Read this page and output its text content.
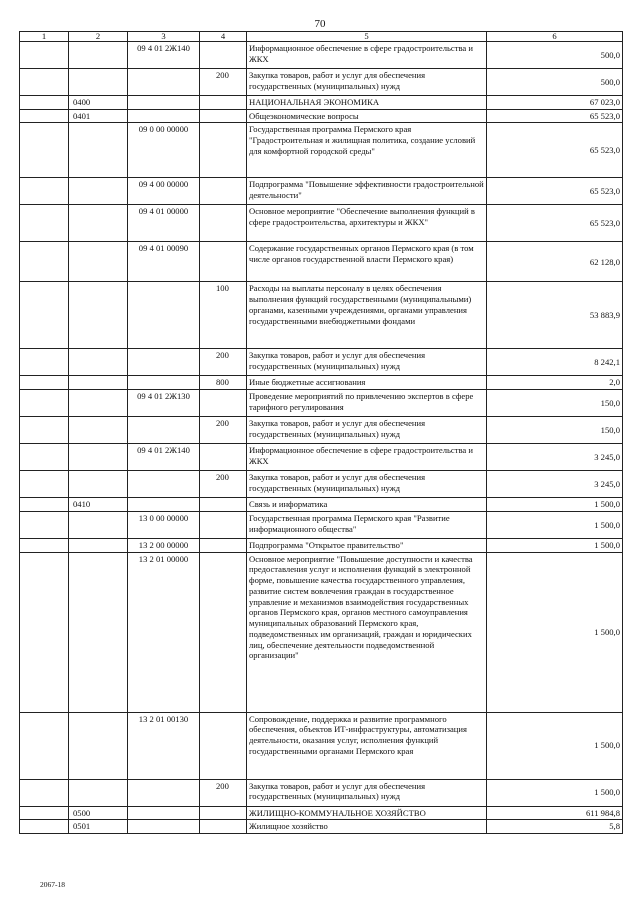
70
1	2	3	4	5	6
		09 4 01 2Ж140		Информационное обеспечение в сфере градостроительства и ЖКХ	500,0
			200	Закупка товаров, работ и услуг для обеспечения государственных (муниципальных) нужд	500,0
	0400			НАЦИОНАЛЬНАЯ ЭКОНОМИКА	67 023,0
	0401			Общеэкономические вопросы	65 523,0
		09 0 00 00000		Государственная программа Пермского края "Градостроительная и жилищная политика, создание условий для комфортной городской среды"	65 523,0
		09 4 00 00000		Подпрограмма "Повышение эффективности градостроительной деятельности"	65 523,0
		09 4 01 00000		Основное мероприятие "Обеспечение выполнения функций в сфере градостроительства, архитектуры и ЖКХ"	65 523,0
		09 4 01 00090		Содержание государственных органов Пермского края (в том числе органов государственной власти Пермского края)	62 128,0
			100	Расходы на выплаты персоналу в целях обеспечения выполнения функций государственными (муниципальными) органами, казенными учреждениями, органами управления государственными внебюджетными фондами	53 883,9
			200	Закупка товаров, работ и услуг для обеспечения государственных (муниципальных) нужд	8 242,1
			800	Иные бюджетные ассигнования	2,0
		09 4 01 2Ж130		Проведение мероприятий по привлечению экспертов в сфере тарифного регулирования	150,0
			200	Закупка товаров, работ и услуг для обеспечения государственных (муниципальных) нужд	150,0
		09 4 01 2Ж140		Информационное обеспечение в сфере градостроительства и ЖКХ	3 245,0
			200	Закупка товаров, работ и услуг для обеспечения государственных (муниципальных) нужд	3 245,0
	0410			Связь и информатика	1 500,0
		13 0 00 00000		Государственная программа Пермского края "Развитие информационного общества"	1 500,0
		13 2 00 00000		Подпрограмма "Открытое правительство"	1 500,0
		13 2 01 00000		Основное мероприятие "Повышение доступности и качества предоставления услуг и исполнения функций в электронной форме, повышение качества государственного управления, развитие систем вовлечения граждан в государственное управление и механизмов взаимодействия государственных органов Пермского края, органов местного самоуправления муниципальных образований Пермского края, подведомственных им организаций, граждан и юридических лиц, обеспечение деятельности подведомственной организации"	1 500,0
		13 2 01 00130		Сопровождение, поддержка и развитие программного обеспечения, объектов ИТ-инфраструктуры, автоматизация деятельности, оказания услуг, исполнения функций государственными органами Пермского края	1 500,0
			200	Закупка товаров, работ и услуг для обеспечения государственных (муниципальных) нужд	1 500,0
	0500			ЖИЛИЩНО-КОММУНАЛЬНОЕ ХОЗЯЙСТВО	611 984,8
	0501			Жилищное хозяйство	5,8
2067-18
